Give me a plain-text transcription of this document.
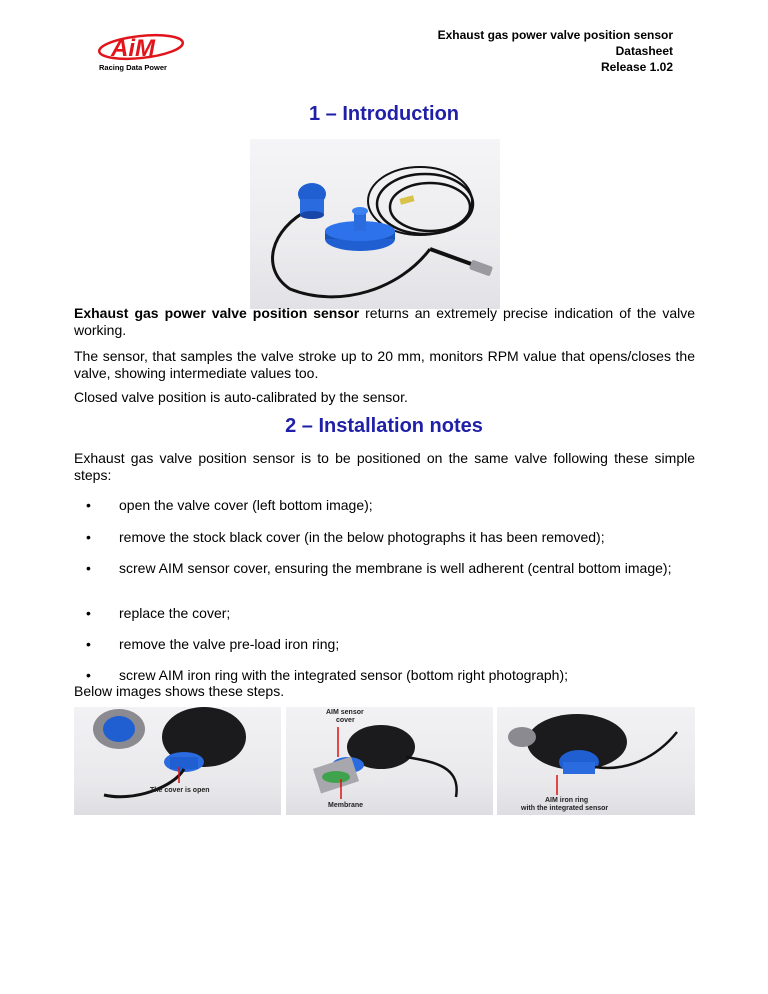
AiM
Racing Data Power
Exhaust gas power valve position sensor
Datasheet
Release 1.02
1 – Introduction
Exhaust gas power valve position sensor returns an extremely precise indication of the valve working.
The sensor, that samples the valve stroke up to 20 mm, monitors RPM value that opens/closes the valve, showing intermediate values too.
Closed valve position is auto-calibrated by the sensor.
2 – Installation notes
Exhaust gas valve position sensor is to be positioned on the same valve following these simple steps:
• open the valve cover (left bottom image);
• remove the stock black cover (in the below photographs it has been removed);
• screw AIM sensor cover, ensuring the membrane is well adherent (central bottom image);
• replace the cover;
• remove the valve pre-load iron ring;
• screw AIM iron ring with the integrated sensor (bottom right photograph);
Below images shows these steps.
The cover is open
AIM sensor
cover
Membrane
AIM iron ring
with the integrated sensor
